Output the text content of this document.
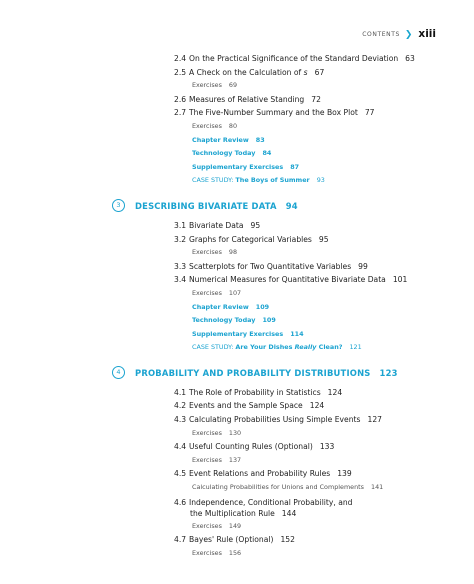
CONTENTS ❯ xiii
2.4 On the Practical Significance of the Standard Deviation 63
2.5 A Check on the Calculation of s 67
Exercises 69
2.6 Measures of Relative Standing 72
2.7 The Five-Number Summary and the Box Plot 77
Exercises 80
Chapter Review 83
Technology Today 84
Supplementary Exercises 87
CASE STUDY: The Boys of Summer 93
3	DESCRIBING BIVARIATE DATA 94
3.1 Bivariate Data 95
3.2 Graphs for Categorical Variables 95
Exercises 98
3.3 Scatterplots for Two Quantitative Variables 99
3.4 Numerical Measures for Quantitative Bivariate Data 101
Exercises 107
Chapter Review 109
Technology Today 109
Supplementary Exercises 114
CASE STUDY: Are Your Dishes Really Clean? 121
4	PROBABILITY AND PROBABILITY DISTRIBUTIONS 123
4.1 The Role of Probability in Statistics 124
4.2 Events and the Sample Space 124
4.3 Calculating Probabilities Using Simple Events 127
Exercises 130
4.4 Useful Counting Rules (Optional) 133
Exercises 137
4.5 Event Relations and Probability Rules 139
Calculating Probabilities for Unions and Complements 141
4.6 Independence, Conditional Probability, and
the Multiplication Rule 144
Exercises 149
4.7 Bayes' Rule (Optional) 152
Exercises 156
